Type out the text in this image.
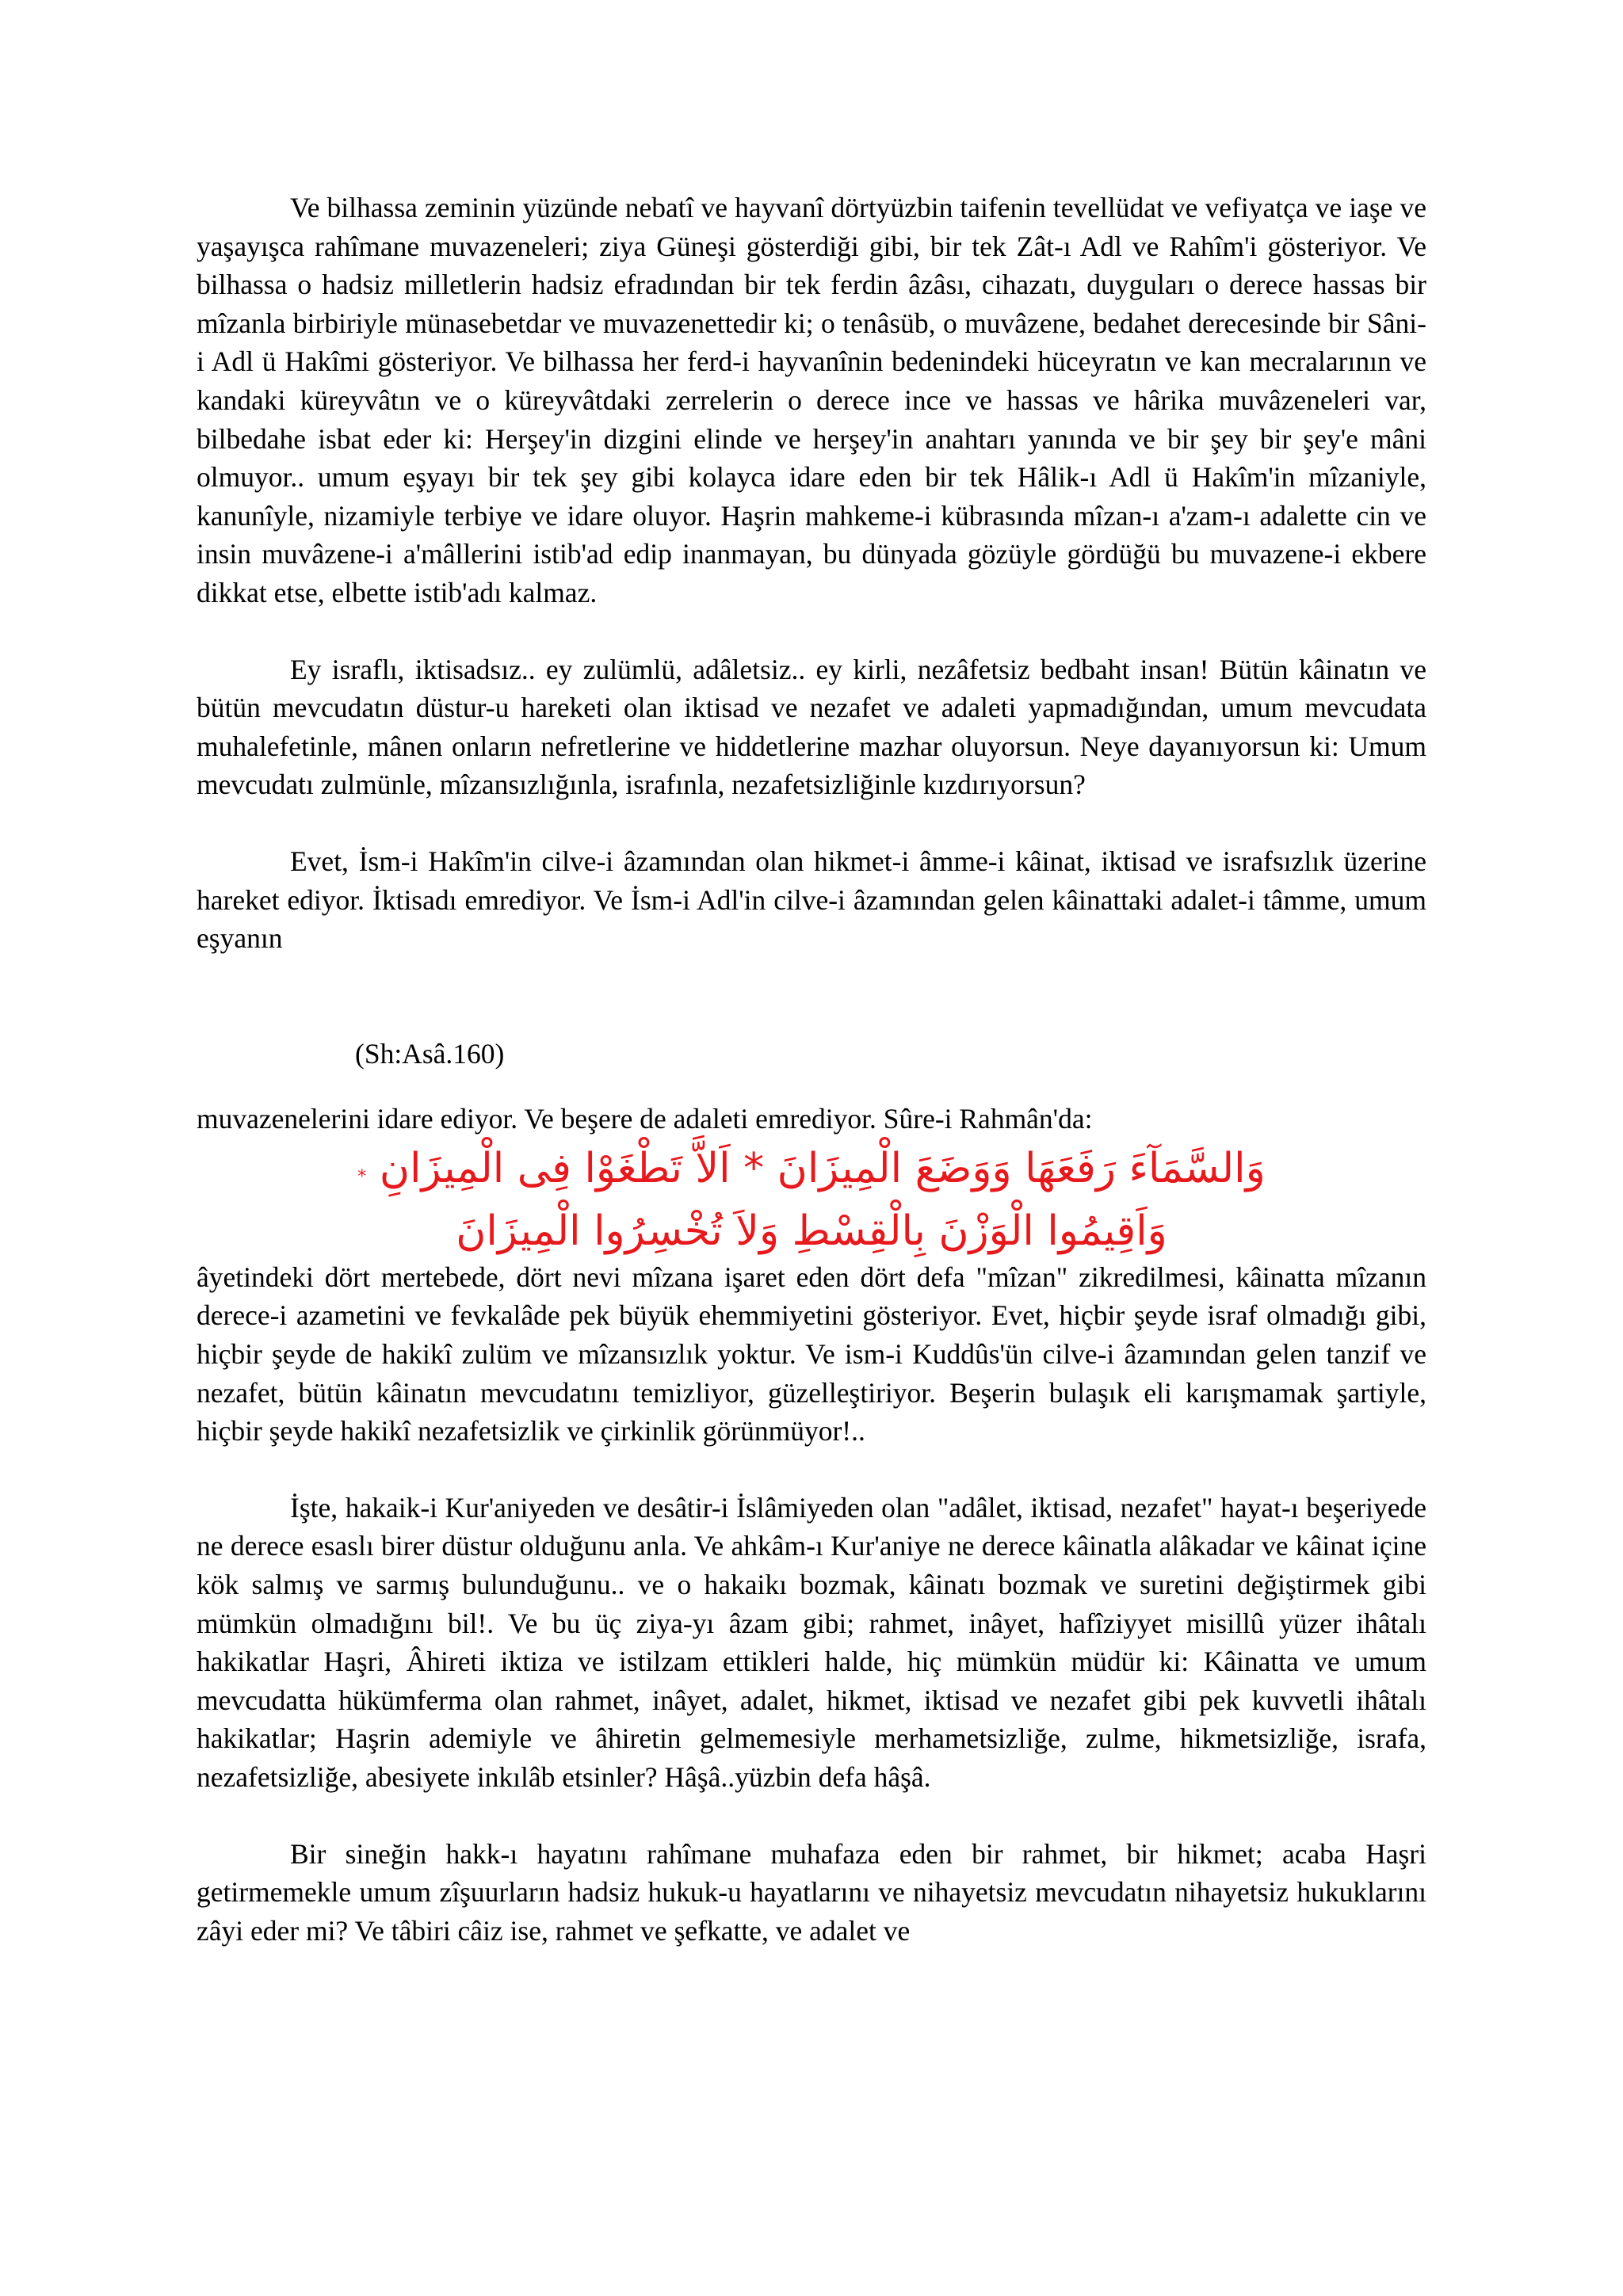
Ve bilhassa zeminin yüzünde nebatî ve hayvanî dörtyüzbin taifenin tevellüdat ve vefiyatça ve iaşe ve yaşayışca rahîmane muvazeneleri; ziya Güneşi gösterdiği gibi, bir tek Zât-ı Adl ve Rahîm'i gösteriyor. Ve bilhassa o hadsiz milletlerin hadsiz efradından bir tek ferdin âzâsı, cihazatı, duyguları o derece hassas bir mîzanla birbiriyle münasebetdar ve muvazenettedir ki; o tenâsüb, o muvâzene, bedahet derecesinde bir Sâni-i Adl ü Hakîmi gösteriyor. Ve bilhassa her ferd-i hayvanînin bedenindeki hüceyratın ve kan mecralarının ve kandaki küreyvâtın ve o küreyvâtdaki zerrelerin o derece ince ve hassas ve hârika muvâzeneleri var, bilbedahe isbat eder ki: Herşey'in dizgini elinde ve herşey'in anahtarı yanında ve bir şey bir şey'e mâni olmuyor.. umum eşyayı bir tek şey gibi kolayca idare eden bir tek Hâlik-ı Adl ü Hakîm'in mîzaniyle, kanunîyle, nizamiyle terbiye ve idare oluyor. Haşrin mahkeme-i kübrasında mîzan-ı a'zam-ı adalette cin ve insin muvâzene-i a'mâllerini istib'ad edip inanmayan, bu dünyada gözüyle gördüğü bu muvazene-i ekbere dikkat etse, elbette istib'adı kalmaz.

Ey israflı, iktisadsız.. ey zulümlü, adâletsiz.. ey kirli, nezâfetsiz bedbaht insan! Bütün kâinatın ve bütün mevcudatın düstur-u hareketi olan iktisad ve nezafet ve adaleti yapmadığından, umum mevcudata muhalefetinle, mânen onların nefretlerine ve hiddetlerine mazhar oluyorsun. Neye dayanıyorsun ki: Umum mevcudatı zulmünle, mîzansızlığınla, israfınla, nezafetsizliğinle kızdırıyorsun?

Evet, İsm-i Hakîm'in cilve-i âzamından olan hikmet-i âmme-i kâinat, iktisad ve israfsızlık üzerine hareket ediyor. İktisadı emrediyor. Ve İsm-i Adl'in cilve-i âzamından gelen kâinattaki adalet-i tâmme, umum eşyanın

(Sh:Asâ.160)

muvazenelerini idare ediyor. Ve beşere de adaleti emrediyor. Sûre-i Rahmân'da:

وَالسَّمَآءَ رَفَعَهَا وَوَضَعَ الْمِيزَانَ * اَلاَّ تَطْغَوْا فِى الْمِيزَانِ *
وَاَقِيمُوا الْوَزْنَ بِالْقِسْطِ وَلاَ تُخْسِرُوا الْمِيزَانَ

âyetindeki dört mertebede, dört nevi mîzana işaret eden dört defa "mîzan" zikredilmesi, kâinatta mîzanın derece-i azametini ve fevkalâde pek büyük ehemmiyetini gösteriyor. Evet, hiçbir şeyde israf olmadığı gibi, hiçbir şeyde de hakikî zulüm ve mîzansızlık yoktur. Ve ism-i Kuddûs'ün cilve-i âzamından gelen tanzif ve nezafet, bütün kâinatın mevcudatını temizliyor, güzelleştiriyor. Beşerin bulaşık eli karışmamak şartiyle, hiçbir şeyde hakikî nezafetsizlik ve çirkinlik görünmüyor!..

İşte, hakaik-i Kur'aniyeden ve desâtir-i İslâmiyeden olan "adâlet, iktisad, nezafet" hayat-ı beşeriyede ne derece esaslı birer düstur olduğunu anla. Ve ahkâm-ı Kur'aniye ne derece kâinatla alâkadar ve kâinat içine kök salmış ve sarmış bulunduğunu.. ve o hakaikı bozmak, kâinatı bozmak ve suretini değiştirmek gibi mümkün olmadığını bil!. Ve bu üç ziya-yı âzam gibi; rahmet, inâyet, hafîziyyet misillû yüzer ihâtalı hakikatlar Haşri, Âhireti iktiza ve istilzam ettikleri halde, hiç mümkün müdür ki: Kâinatta ve umum mevcudatta hükümferma olan rahmet, inâyet, adalet, hikmet, iktisad ve nezafet gibi pek kuvvetli ihâtalı hakikatlar; Haşrin ademiyle ve âhiretin gelmemesiyle merhametsizliğe, zulme, hikmetsizliğe, israfa, nezafetsizliğe, abesiyete inkılâb etsinler? Hâşâ..yüzbin defa hâşâ.

Bir sineğin hakk-ı hayatını rahîmane muhafaza eden bir rahmet, bir hikmet; acaba Haşri getirmemekle umum zîşuurların hadsiz hukuk-u hayatlarını ve nihayetsiz mevcudatın nihayetsiz hukuklarını zâyi eder mi? Ve tâbiri câiz ise, rahmet ve şefkatte, ve adalet ve
